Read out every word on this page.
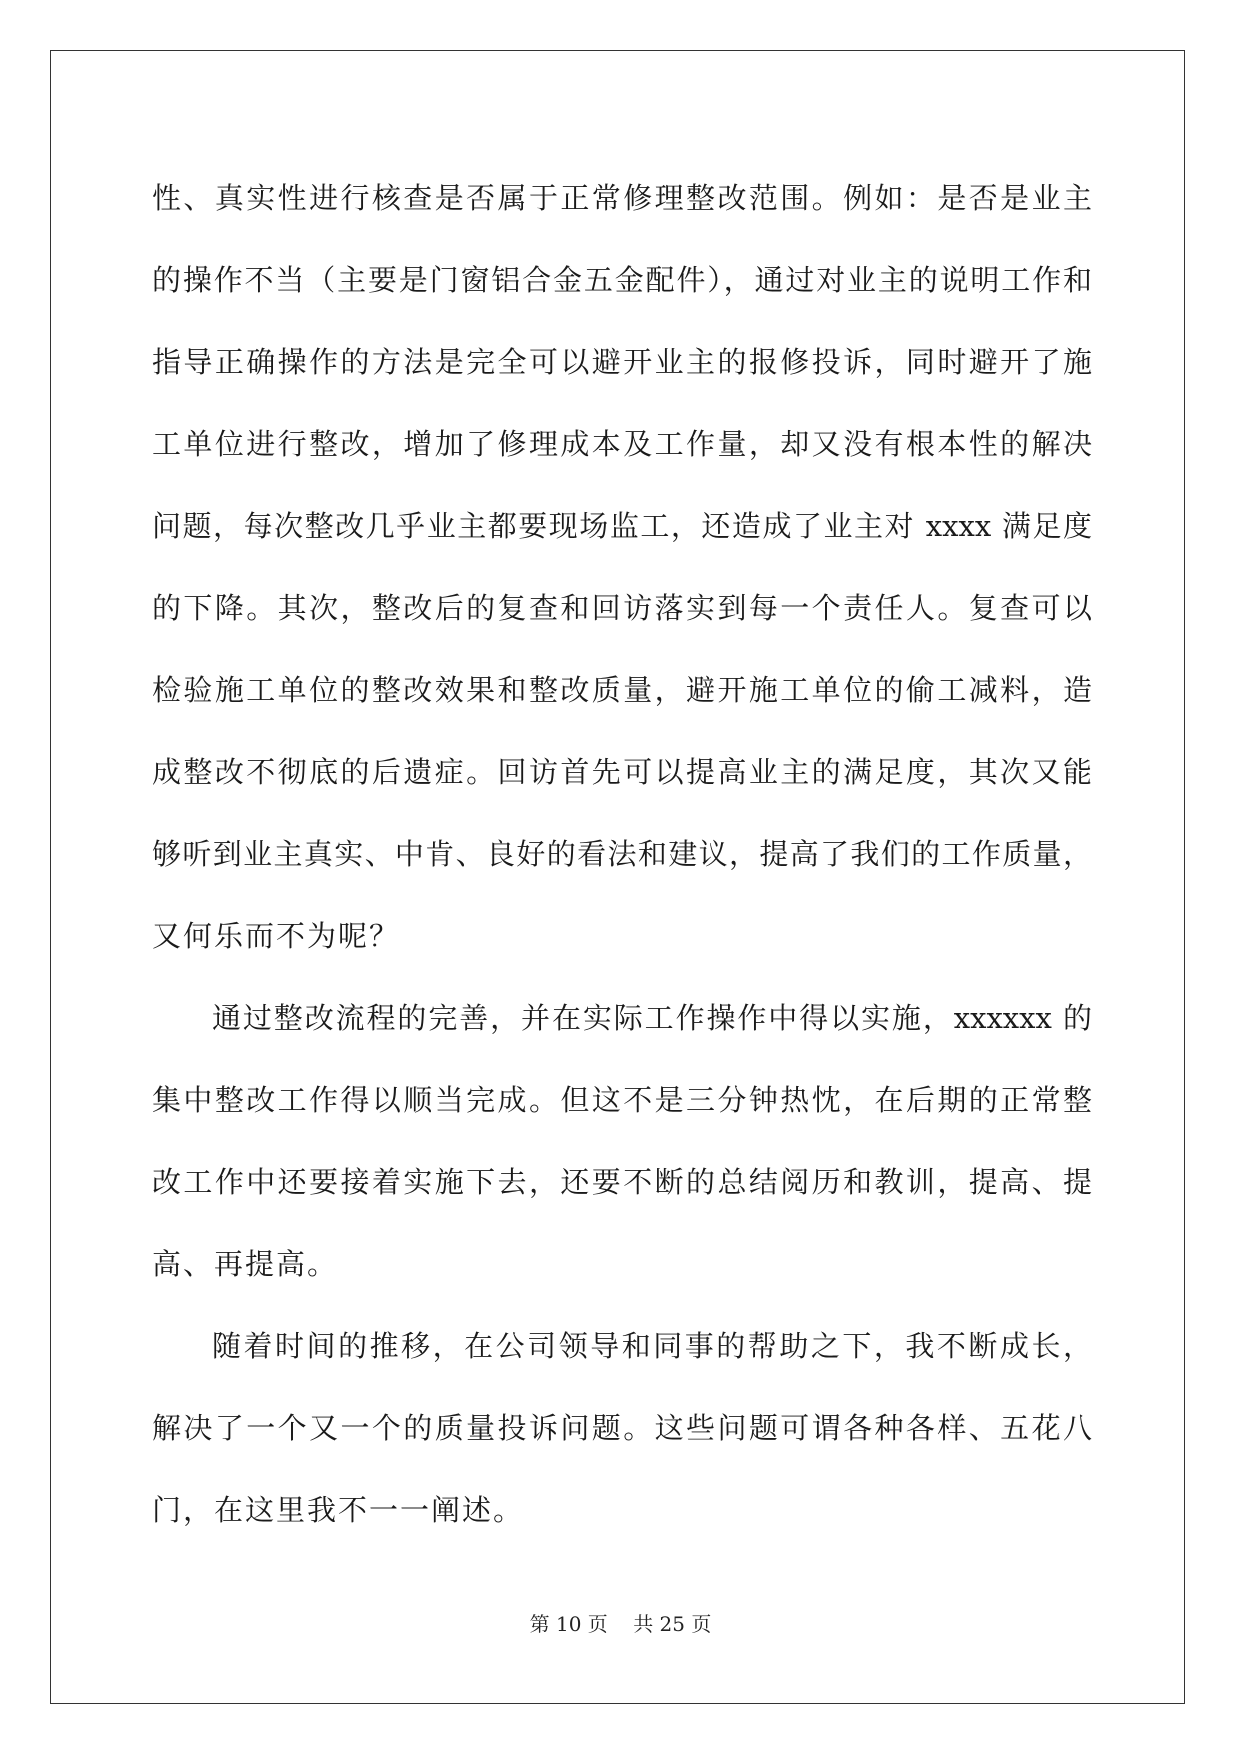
性、真实性进行核查是否属于正常修理整改范围。例如：是否是业主
的操作不当（主要是门窗铝合金五金配件），通过对业主的说明工作和
指导正确操作的方法是完全可以避开业主的报修投诉，同时避开了施
工单位进行整改，增加了修理成本及工作量，却又没有根本性的解决
问题，每次整改几乎业主都要现场监工，还造成了业主对 xxxx 满足度
的下降。其次，整改后的复查和回访落实到每一个责任人。复查可以
检验施工单位的整改效果和整改质量，避开施工单位的偷工减料，造
成整改不彻底的后遗症。回访首先可以提高业主的满足度，其次又能
够听到业主真实、中肯、良好的看法和建议，提高了我们的工作质量，
又何乐而不为呢？
通过整改流程的完善，并在实际工作操作中得以实施，xxxxxx 的
集中整改工作得以顺当完成。但这不是三分钟热忱，在后期的正常整
改工作中还要接着实施下去，还要不断的总结阅历和教训，提高、提
高、再提高。
随着时间的推移，在公司领导和同事的帮助之下，我不断成长，
解决了一个又一个的质量投诉问题。这些问题可谓各种各样、五花八
门，在这里我不一一阐述。
第 10 页    共 25 页
